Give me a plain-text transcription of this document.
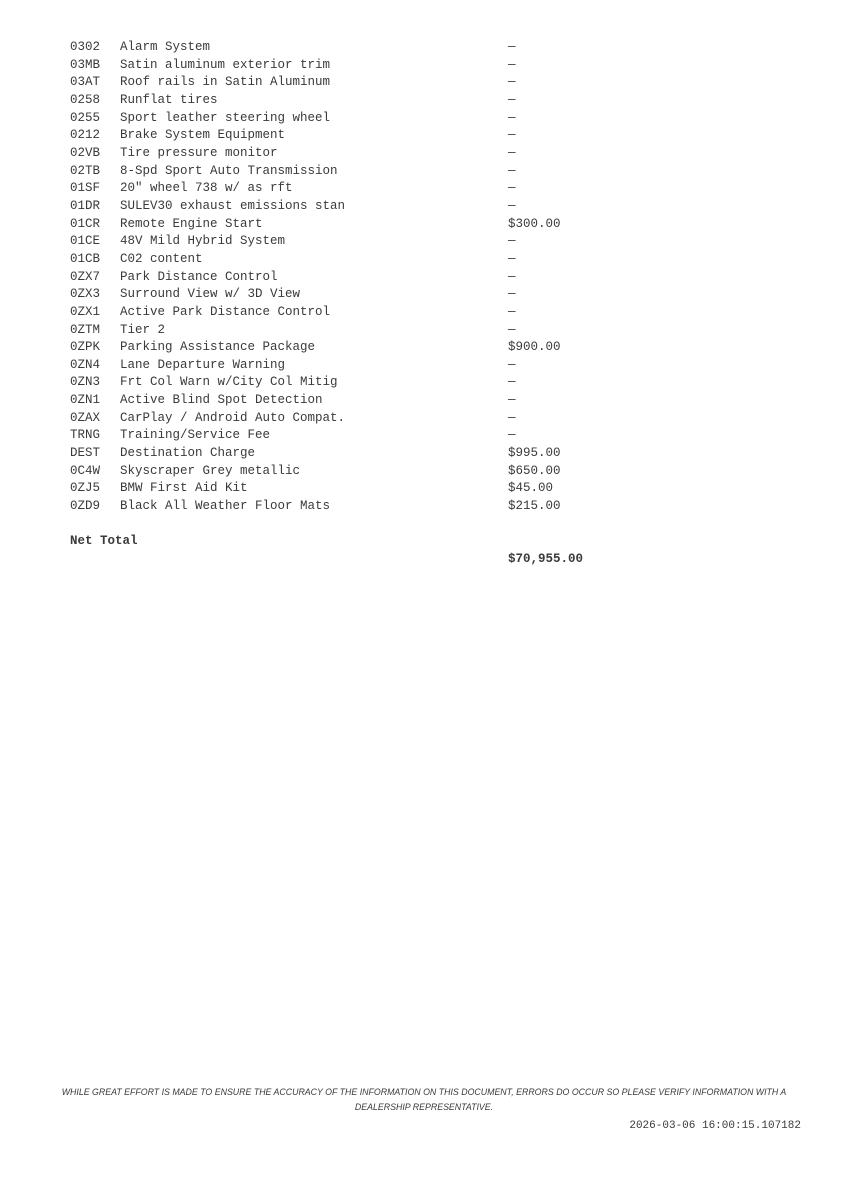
0302 Alarm System	—
03MB Satin aluminum exterior trim	—
03AT Roof rails in Satin Aluminum	—
0258 Runflat tires	—
0255 Sport leather steering wheel	—
0212 Brake System Equipment	—
02VB Tire pressure monitor	—
02TB 8-Spd Sport Auto Transmission	—
01SF 20" wheel 738 w/ as rft	—
01DR SULEV30 exhaust emissions stan	—
01CR Remote Engine Start	$300.00
01CE 48V Mild Hybrid System	—
01CB C02 content	—
0ZX7 Park Distance Control	—
0ZX3 Surround View w/ 3D View	—
0ZX1 Active Park Distance Control	—
0ZTM Tier 2	—
0ZPK Parking Assistance Package	$900.00
0ZN4 Lane Departure Warning	—
0ZN3 Frt Col Warn w/City Col Mitig	—
0ZN1 Active Blind Spot Detection	—
0ZAX CarPlay / Android Auto Compat.	—
TRNG Training/Service Fee	—
DEST Destination Charge	$995.00
0C4W Skyscraper Grey metallic	$650.00
0ZJ5 BMW First Aid Kit	$45.00
0ZD9 Black All Weather Floor Mats	$215.00

Net Total

$70,955.00

WHILE GREAT EFFORT IS MADE TO ENSURE THE ACCURACY OF THE INFORMATION ON THIS DOCUMENT, ERRORS DO OCCUR SO PLEASE VERIFY INFORMATION WITH A
DEALERSHIP REPRESENTATIVE.
2026-03-06 16:00:15.107182
